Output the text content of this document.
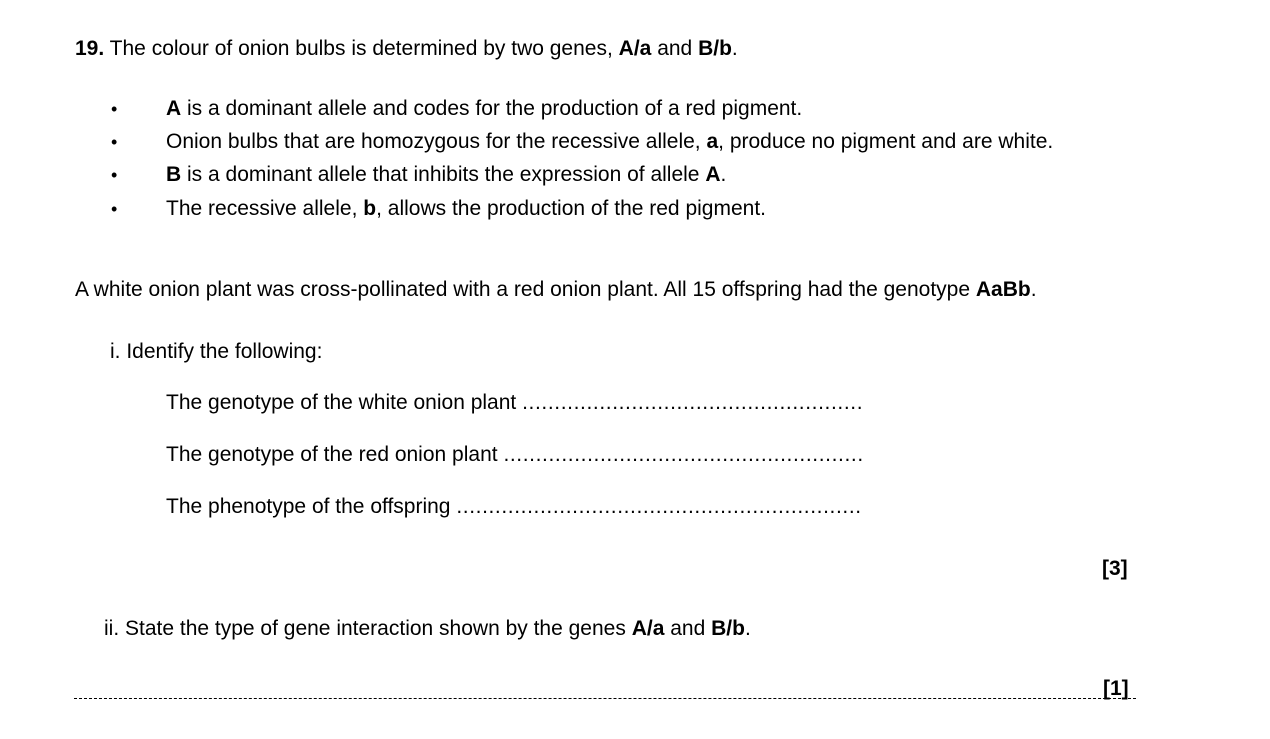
19. The colour of onion bulbs is determined by two genes, A/a and B/b.
• A is a dominant allele and codes for the production of a red pigment.
• Onion bulbs that are homozygous for the recessive allele, a, produce no pigment and are white.
• B is a dominant allele that inhibits the expression of allele A.
• The recessive allele, b, allows the production of the red pigment.
A white onion plant was cross-pollinated with a red onion plant. All 15 offspring had the genotype AaBb.
i. Identify the following:
The genotype of the white onion plant .....................................................
The genotype of the red onion plant ........................................................
The phenotype of the offspring ...............................................................
[3]
ii. State the type of gene interaction shown by the genes A/a and B/b.
[1]
